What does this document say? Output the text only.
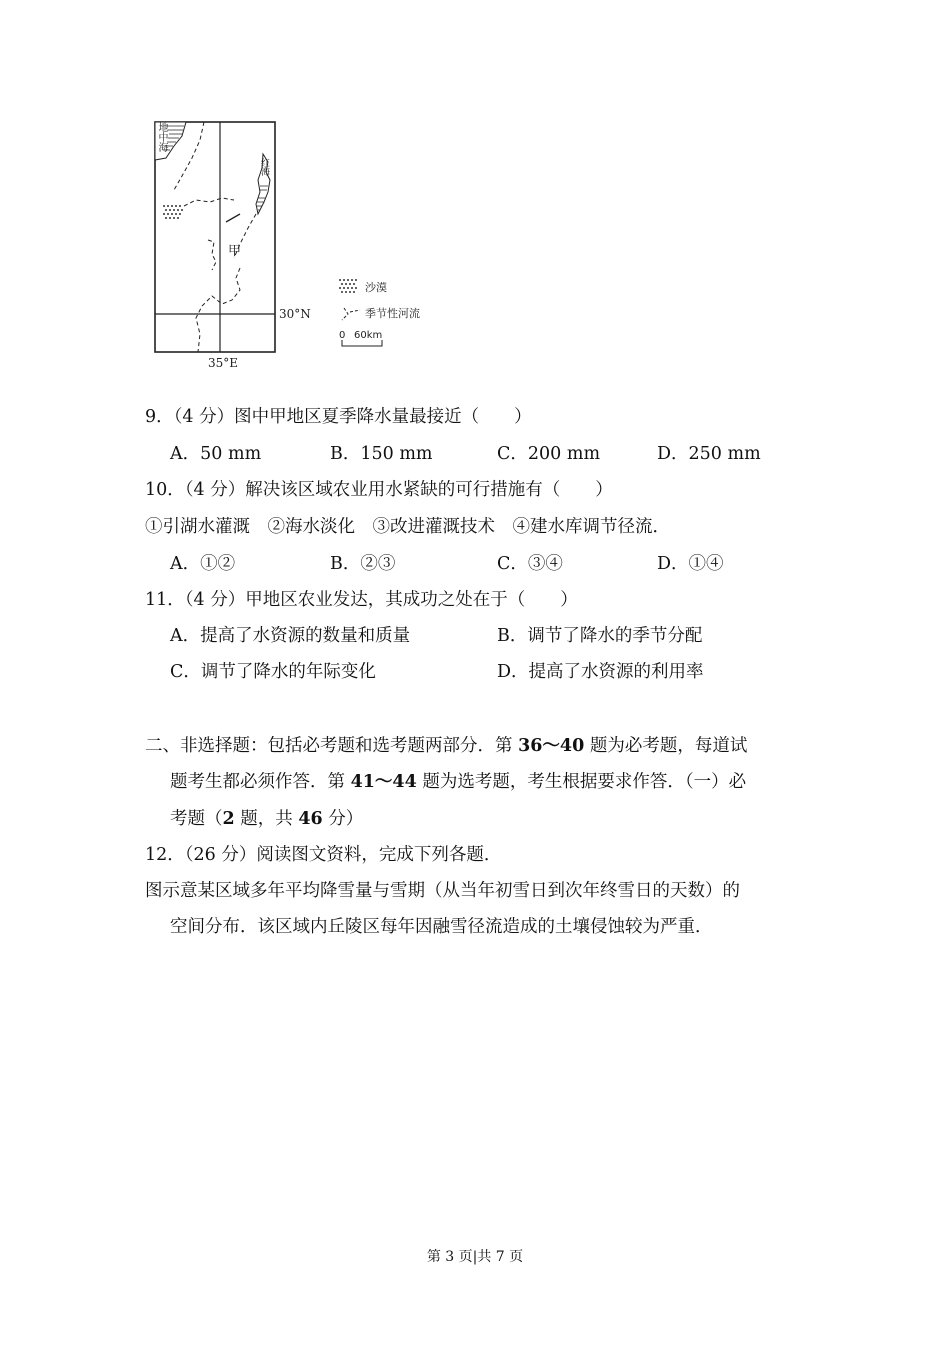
地中海
红海
甲
30°N
35°E
沙漠
季节性河流
0 60km
9．（4 分）图中甲地区夏季降水量最接近（　　）
A．50 mm	B．150 mm	C．200 mm	D．250 mm
10．（4 分）解决该区域农业用水紧缺的可行措施有（　　）
①引湖水灌溉　②海水淡化　③改进灌溉技术　④建水库调节径流．
A．①②	B．②③	C．③④	D．①④
11．（4 分）甲地区农业发达，其成功之处在于（　　）
A．提高了水资源的数量和质量	B．调节了降水的季节分配
C．调节了降水的年际变化	D．提高了水资源的利用率
二、非选择题：包括必考题和选考题两部分．第 36～40 题为必考题，每道试
题考生都必须作答．第 41～44 题为选考题，考生根据要求作答．（一）必
考题（2 题，共 46 分）
12．（26 分）阅读图文资料，完成下列各题．
图示意某区域多年平均降雪量与雪期（从当年初雪日到次年终雪日的天数）的
空间分布．该区域内丘陵区每年因融雪径流造成的土壤侵蚀较为严重．
第 3 页|共 7 页
